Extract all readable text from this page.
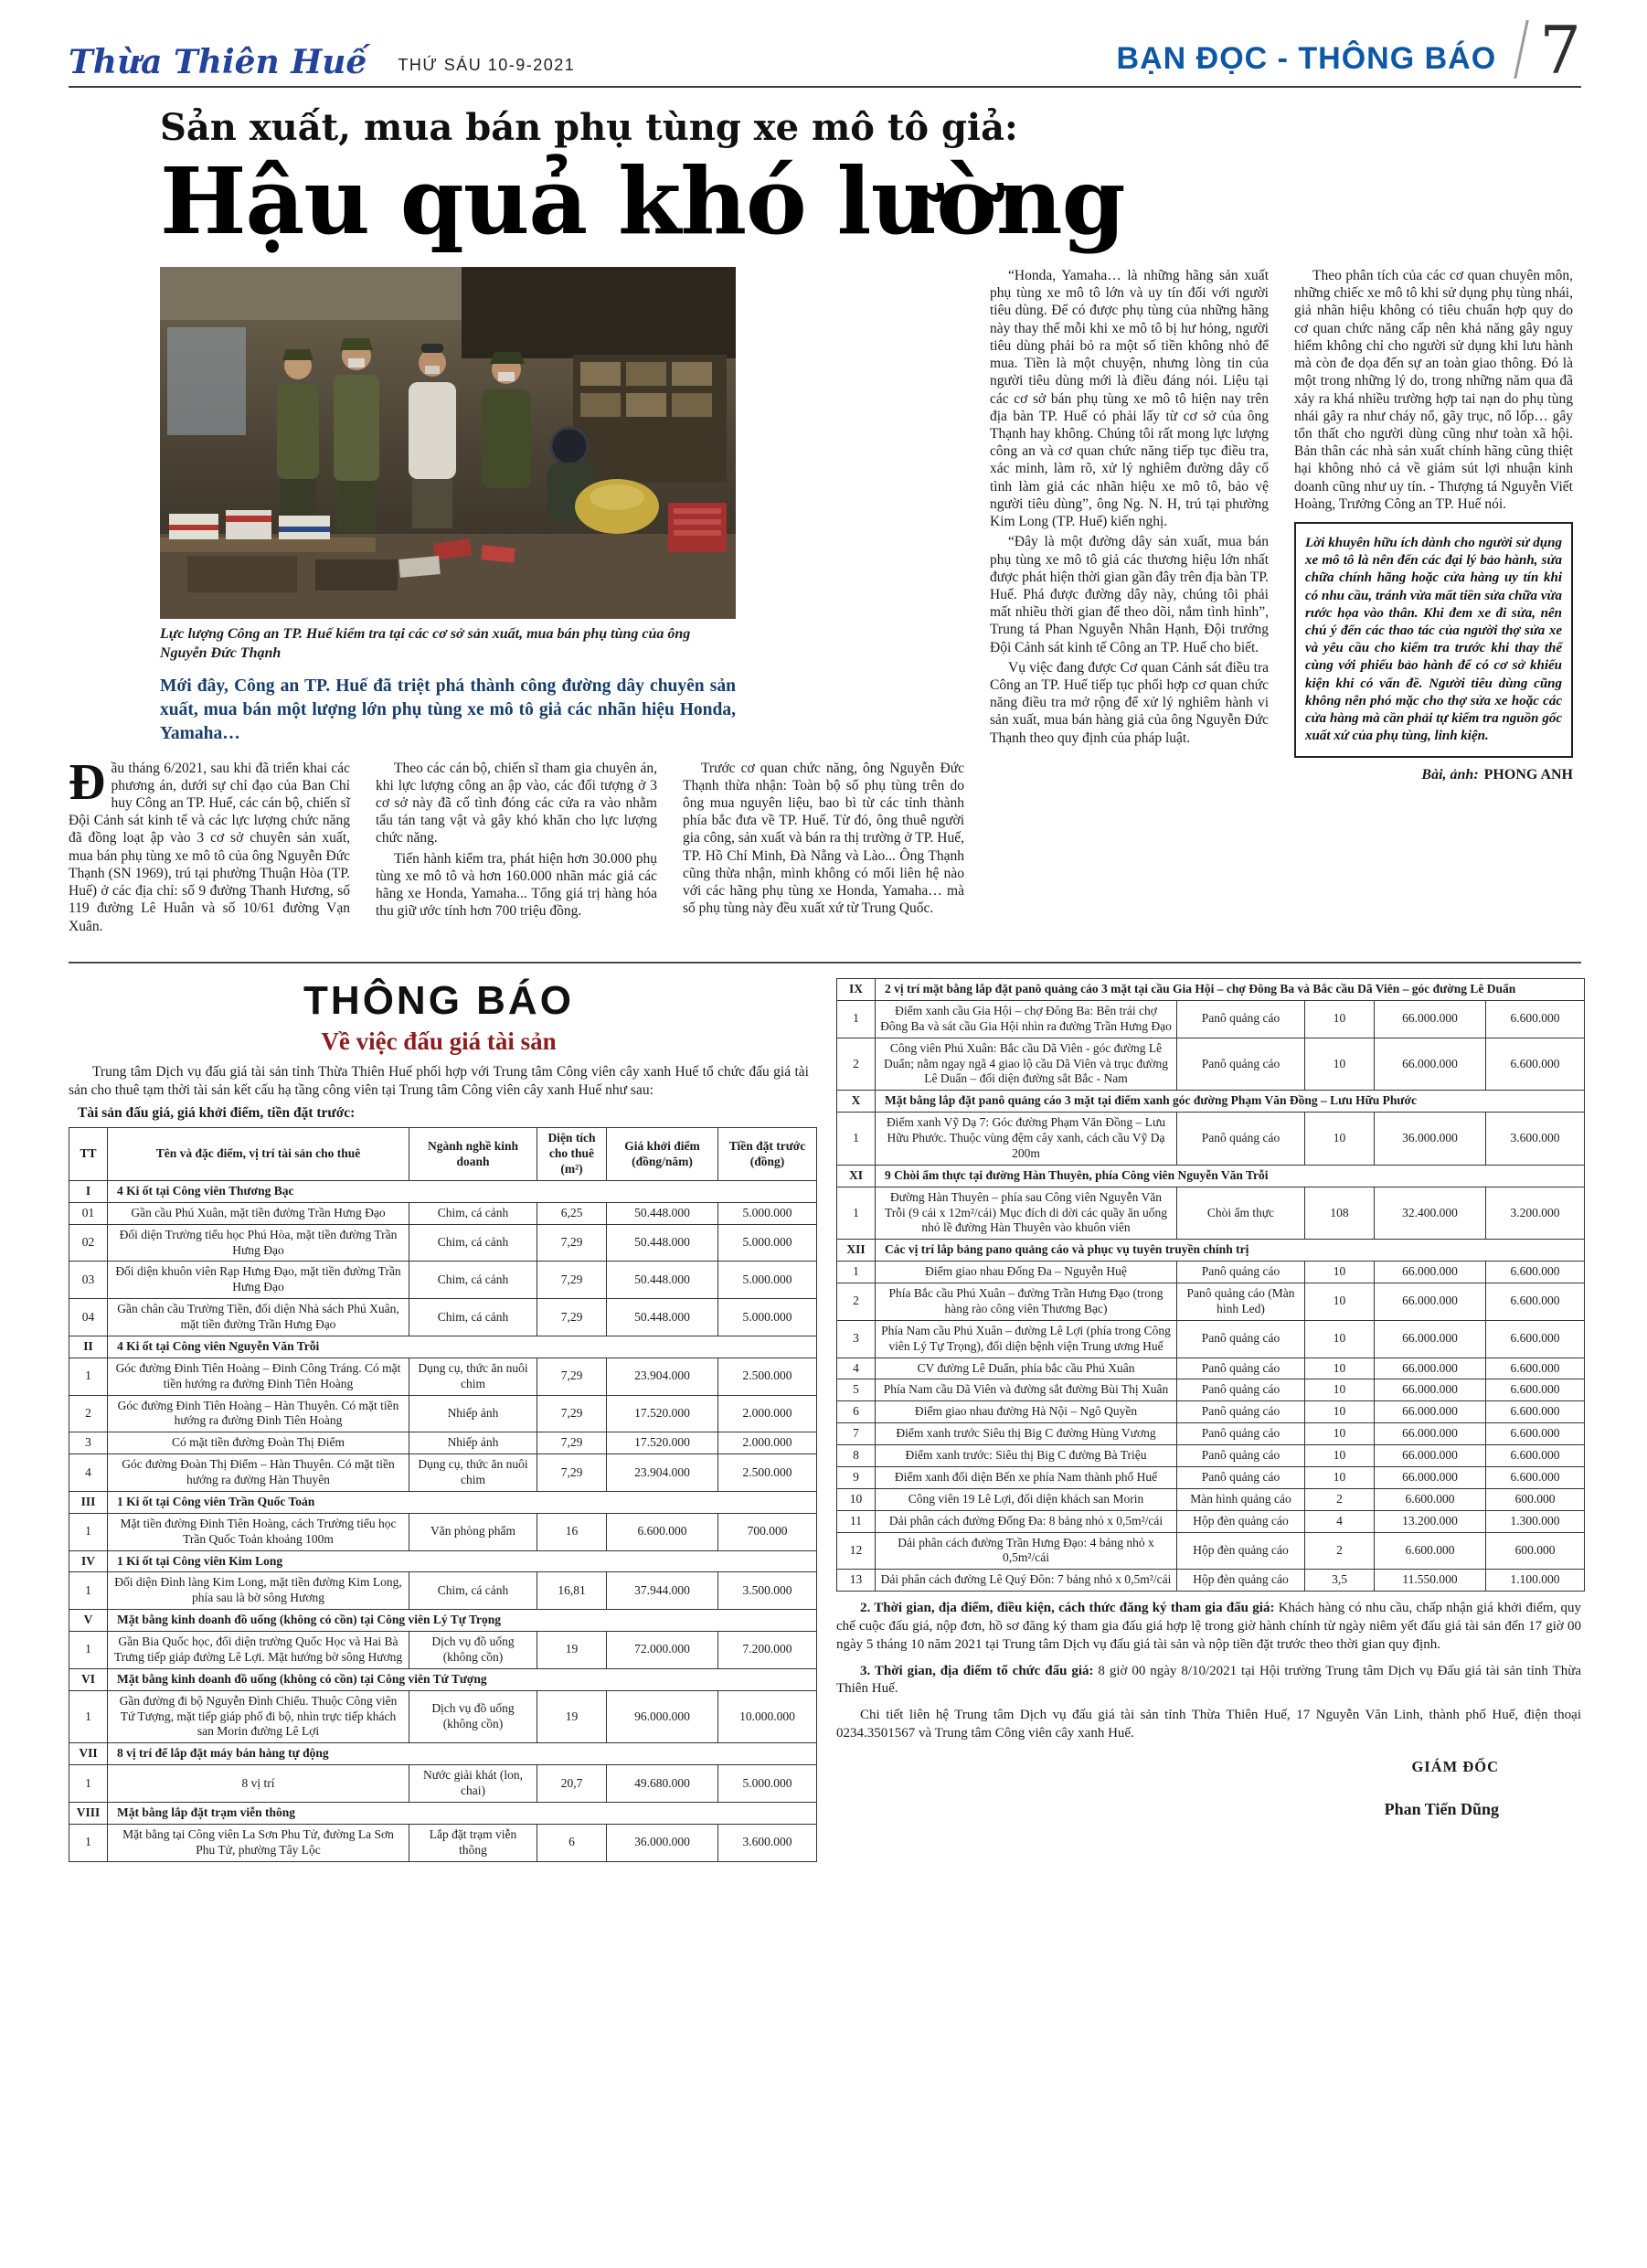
Thừa Thiên Huế THỨ SÁU 10-9-2021	BẠN ĐỌC - THÔNG BÁO 7
Sản xuất, mua bán phụ tùng xe mô tô giả:
Hậu quả khó lường
Lực lượng Công an TP. Huế kiểm tra tại các cơ sở sản xuất, mua bán phụ tùng của ông Nguyễn Đức Thạnh

Mới đây, Công an TP. Huế đã triệt phá thành công đường dây chuyên sản xuất, mua bán một lượng lớn phụ tùng xe mô tô giả các nhãn hiệu Honda, Yamaha…

Đầu tháng 6/2021, sau khi đã triển khai các phương án, dưới sự chỉ đạo của Ban Chỉ huy Công an TP. Huế, các cán bộ, chiến sĩ Đội Cảnh sát kinh tế và các lực lượng chức năng đã đồng loạt ập vào 3 cơ sở chuyên sản xuất, mua bán phụ tùng xe mô tô của ông Nguyễn Đức Thạnh (SN 1969), trú tại phường Thuận Hòa (TP. Huế) ở các địa chỉ: số 9 đường Thanh Hương, số 119 đường Lê Huân và số 10/61 đường Vạn Xuân.

Theo các cán bộ, chiến sĩ tham gia chuyên án, khi lực lượng công an ập vào, các đối tượng ở 3 cơ sở này đã cố tình đóng các cửa ra vào nhằm tẩu tán tang vật và gây khó khăn cho lực lượng chức năng.

Tiến hành kiểm tra, phát hiện hơn 30.000 phụ tùng xe mô tô và hơn 160.000 nhãn mác giả các hãng xe Honda, Yamaha... Tổng giá trị hàng hóa thu giữ ước tính hơn 700 triệu đồng.

Trước cơ quan chức năng, ông Nguyễn Đức Thạnh thừa nhận: Toàn bộ số phụ tùng trên do ông mua nguyên liệu, bao bì từ các tỉnh thành phía bắc đưa về TP. Huế. Từ đó, ông thuê người gia công, sản xuất và bán ra thị trường ở TP. Huế, TP. Hồ Chí Minh, Đà Nẵng và Lào... Ông Thạnh cũng thừa nhận, mình không có mối liên hệ nào với các hãng phụ tùng xe Honda, Yamaha… mà số phụ tùng này đều xuất xứ từ Trung Quốc.

“Honda, Yamaha… là những hãng sản xuất phụ tùng xe mô tô lớn và uy tín đối với người tiêu dùng. Để có được phụ tùng của những hãng này thay thế mỗi khi xe mô tô bị hư hỏng, người tiêu dùng phải bỏ ra một số tiền không nhỏ để mua. Tiền là một chuyện, nhưng lòng tin của người tiêu dùng mới là điều đáng nói. Liệu tại các cơ sở bán phụ tùng xe mô tô hiện nay trên địa bàn TP. Huế có phải lấy từ cơ sở của ông Thạnh hay không. Chúng tôi rất mong lực lượng công an và cơ quan chức năng tiếp tục điều tra, xác minh, làm rõ, xử lý nghiêm đường dây cố tình làm giả các nhãn hiệu xe mô tô, bảo vệ người tiêu dùng”, ông Ng. N. H, trú tại phường Kim Long (TP. Huế) kiến nghị.

“Đây là một đường dây sản xuất, mua bán phụ tùng xe mô tô giả các thương hiệu lớn nhất được phát hiện thời gian gần đây trên địa bàn TP. Huế. Phá được đường dây này, chúng tôi phải mất nhiều thời gian để theo dõi, nắm tình hình”, Trung tá Phan Nguyễn Nhân Hạnh, Đội trưởng Đội Cảnh sát kinh tế Công an TP. Huế cho biết.

Vụ việc đang được Cơ quan Cảnh sát điều tra Công an TP. Huế tiếp tục phối hợp cơ quan chức năng điều tra mở rộng để xử lý nghiêm hành vi sản xuất, mua bán hàng giả của ông Nguyễn Đức Thạnh theo quy định của pháp luật.

Theo phân tích của các cơ quan chuyên môn, những chiếc xe mô tô khi sử dụng phụ tùng nhái, giả nhãn hiệu không có tiêu chuẩn hợp quy do cơ quan chức năng cấp nên khả năng gây nguy hiểm không chỉ cho người sử dụng khi lưu hành mà còn đe dọa đến sự an toàn giao thông. Đó là một trong những lý do, trong những năm qua đã xảy ra khá nhiều trường hợp tai nạn do phụ tùng nhái gây ra như cháy nổ, gãy trục, nổ lốp… gây tổn thất cho người dùng cũng như toàn xã hội. Bản thân các nhà sản xuất chính hãng cũng thiệt hại không nhỏ cả về giảm sút lợi nhuận kinh doanh cũng như uy tín. - Thượng tá Nguyễn Viết Hoàng, Trưởng Công an TP. Huế nói.

Lời khuyên hữu ích dành cho người sử dụng xe mô tô là nên đến các đại lý bảo hành, sửa chữa chính hãng hoặc cửa hàng uy tín khi có nhu cầu, tránh vừa mất tiền sửa chữa vừa rước họa vào thân. Khi đem xe đi sửa, nên chú ý đến các thao tác của người thợ sửa xe và yêu cầu cho kiểm tra trước khi thay thế cùng với phiếu bảo hành để có cơ sở khiếu kiện khi có vấn đề. Người tiêu dùng cũng không nên phó mặc cho thợ sửa xe hoặc các cửa hàng mà cần phải tự kiểm tra nguồn gốc xuất xứ của phụ tùng, linh kiện.
Bài, ảnh: PHONG ANH
THÔNG BÁO
Về việc đấu giá tài sản

Trung tâm Dịch vụ đấu giá tài sản tỉnh Thừa Thiên Huế phối hợp với Trung tâm Công viên cây xanh Huế tổ chức đấu giá tài sản cho thuê tạm thời tài sản kết cấu hạ tầng công viên tại Trung tâm Công viên cây xanh Huế như sau:

Tài sản đấu giá, giá khởi điểm, tiền đặt trước:

TT	Tên và đặc điểm, vị trí tài sản cho thuê	Ngành nghề kinh doanh	Diện tích cho thuê (m²)	Giá khởi điểm (đồng/năm)	Tiền đặt trước (đồng)
I	4 Ki ốt tại Công viên Thương Bạc				
01	Gần cầu Phú Xuân, mặt tiền đường Trần Hưng Đạo	Chim, cá cảnh	6,25	50.448.000	5.000.000
02	Đối diện Trường tiểu học Phú Hòa, mặt tiền đường Trần Hưng Đạo	Chim, cá cảnh	7,29	50.448.000	5.000.000
03	Đối diện khuôn viên Rạp Hưng Đạo, mặt tiền đường Trần Hưng Đạo	Chim, cá cảnh	7,29	50.448.000	5.000.000
04	Gần chân cầu Trường Tiền, đối diện Nhà sách Phú Xuân, mặt tiền đường Trần Hưng Đạo	Chim, cá cảnh	7,29	50.448.000	5.000.000
II	4 Ki ốt tại Công viên Nguyễn Văn Trỗi				
1	Góc đường Đinh Tiên Hoàng – Đinh Công Tráng. Có mặt tiền hướng ra đường Đinh Tiên Hoàng	Dụng cụ, thức ăn nuôi chim	7,29	23.904.000	2.500.000
2	Góc đường Đinh Tiên Hoàng – Hàn Thuyên. Có mặt tiền hướng ra đường Đinh Tiên Hoàng	Nhiếp ảnh	7,29	17.520.000	2.000.000
3	Có mặt tiền đường Đoàn Thị Điểm	Nhiếp ảnh	7,29	17.520.000	2.000.000
4	Góc đường Đoàn Thị Điểm – Hàn Thuyên. Có mặt tiền hướng ra đường Hàn Thuyên	Dụng cụ, thức ăn nuôi chim	7,29	23.904.000	2.500.000
III	1 Ki ốt tại Công viên Trần Quốc Toản				
1	Mặt tiền đường Đinh Tiên Hoàng, cách Trường tiểu học Trần Quốc Toản khoảng 100m	Văn phòng phẩm	16	6.600.000	700.000
IV	1 Ki ốt tại Công viên Kim Long				
1	Đối diện Đình làng Kim Long, mặt tiền đường Kim Long, phía sau là bờ sông Hương	Chim, cá cảnh	16,81	37.944.000	3.500.000
V	Mặt bằng kinh doanh đồ uống (không có cồn) tại Công viên Lý Tự Trọng				
1	Gần Bia Quốc học, đối diện trường Quốc Học và Hai Bà Trưng tiếp giáp đường Lê Lợi. Mặt hướng bờ sông Hương	Dịch vụ đồ uống (không cồn)	19	72.000.000	7.200.000
VI	Mặt bằng kinh doanh đồ uống (không có cồn) tại Công viên Tứ Tượng				
1	Gần đường đi bộ Nguyễn Đình Chiểu. Thuộc Công viên Tứ Tượng, mặt tiếp giáp phố đi bộ, nhìn trực tiếp khách san Morin đường Lê Lợi	Dịch vụ đồ uống (không cồn)	19	96.000.000	10.000.000
VII	8 vị trí để lắp đặt máy bán hàng tự động				
1	8 vị trí	Nước giải khát (lon, chai)	20,7	49.680.000	5.000.000
VIII	Mặt bằng lắp đặt trạm viễn thông				
1	Mặt bằng tại Công viên La Sơn Phu Tử, đường La Sơn Phu Tử, phường Tây Lộc	Lắp đặt trạm viễn thông	6	36.000.000	3.600.000
IX	2 vị trí mặt bằng lắp đặt panô quảng cáo 3 mặt tại cầu Gia Hội – chợ Đông Ba và Bắc cầu Dã Viên – góc đường Lê Duẩn				
1	Điểm xanh cầu Gia Hội – chợ Đông Ba: Bên trái chợ Đông Ba và sát cầu Gia Hội nhìn ra đường Trần Hưng Đạo	Panô quảng cáo	10	66.000.000	6.600.000
2	Công viên Phú Xuân: Bắc cầu Dã Viên - góc đường Lê Duẩn; nằm ngay ngã 4 giao lộ cầu Dã Viên và trục đường Lê Duẩn – đối diện đường sắt Bắc - Nam	Panô quảng cáo	10	66.000.000	6.600.000
X	Mặt bằng lắp đặt panô quảng cáo 3 mặt tại điểm xanh góc đường Phạm Văn Đồng – Lưu Hữu Phước				
1	Điểm xanh Vỹ Dạ 7: Góc đường Phạm Văn Đồng – Lưu Hữu Phước. Thuộc vùng đệm cây xanh, cách cầu Vỹ Dạ 200m	Panô quảng cáo	10	36.000.000	3.600.000
XI	9 Chòi ẩm thực tại đường Hàn Thuyên, phía Công viên Nguyễn Văn Trỗi				
1	Đường Hàn Thuyên – phía sau Công viên Nguyễn Văn Trỗi (9 cái x 12m²/cái) Mục đích di dời các quầy ăn uống nhỏ lề đường Hàn Thuyên vào khuôn viên	Chòi ẩm thực	108	32.400.000	3.200.000
XII	Các vị trí lắp bảng pano quảng cáo và phục vụ tuyên truyền chính trị				
1	Điểm giao nhau Đống Đa – Nguyễn Huệ	Panô quảng cáo	10	66.000.000	6.600.000
2	Phía Bắc cầu Phú Xuân – đường Trần Hưng Đạo (trong hàng rào công viên Thương Bạc)	Panô quảng cáo (Màn hình Led)	10	66.000.000	6.600.000
3	Phía Nam cầu Phú Xuân – đường Lê Lợi (phía trong Công viên Lý Tự Trọng), đối diện bệnh viện Trung ương Huế	Panô quảng cáo	10	66.000.000	6.600.000
4	CV đường Lê Duẩn, phía bắc cầu Phú Xuân	Panô quảng cáo	10	66.000.000	6.600.000
5	Phía Nam cầu Dã Viên và đường sắt đường Bùi Thị Xuân	Panô quảng cáo	10	66.000.000	6.600.000
6	Điểm giao nhau đường Hà Nội – Ngô Quyền	Panô quảng cáo	10	66.000.000	6.600.000
7	Điểm xanh trước Siêu thị Big C đường Hùng Vương	Panô quảng cáo	10	66.000.000	6.600.000
8	Điểm xanh trước: Siêu thị Big C đường Bà Triệu	Panô quảng cáo	10	66.000.000	6.600.000
9	Điểm xanh đối diện Bến xe phía Nam thành phố Huế	Panô quảng cáo	10	66.000.000	6.600.000
10	Công viên 19 Lê Lợi, đối diện khách san Morin	Màn hình quảng cáo	2	6.600.000	600.000
11	Dải phân cách đường Đống Đa: 8 bảng nhỏ x 0,5m²/cái	Hộp đèn quảng cáo	4	13.200.000	1.300.000
12	Dải phân cách đường Trần Hưng Đạo: 4 bảng nhỏ x 0,5m²/cái	Hộp đèn quảng cáo	2	6.600.000	600.000
13	Dải phân cách đường Lê Quý Đôn: 7 bảng nhỏ x 0,5m²/cái	Hộp đèn quảng cáo	3,5	11.550.000	1.100.000

2. Thời gian, địa điểm, điều kiện, cách thức đăng ký tham gia đấu giá: Khách hàng có nhu cầu, chấp nhận giá khởi điểm, quy chế cuộc đấu giá, nộp đơn, hồ sơ đăng ký tham gia đấu giá hợp lệ trong giờ hành chính từ ngày niêm yết đấu giá tài sản đến 17 giờ 00 ngày 5 tháng 10 năm 2021 tại Trung tâm Dịch vụ đấu giá tài sản và nộp tiền đặt trước theo thời gian quy định.

3. Thời gian, địa điểm tổ chức đấu giá: 8 giờ 00 ngày 8/10/2021 tại Hội trường Trung tâm Dịch vụ Đấu giá tài sản tỉnh Thừa Thiên Huế.

Chi tiết liên hệ Trung tâm Dịch vụ đấu giá tài sản tỉnh Thừa Thiên Huế, 17 Nguyễn Văn Linh, thành phố Huế, điện thoại 0234.3501567 và Trung tâm Công viên cây xanh Huế.

GIÁM ĐỐC
Phan Tiến Dũng
